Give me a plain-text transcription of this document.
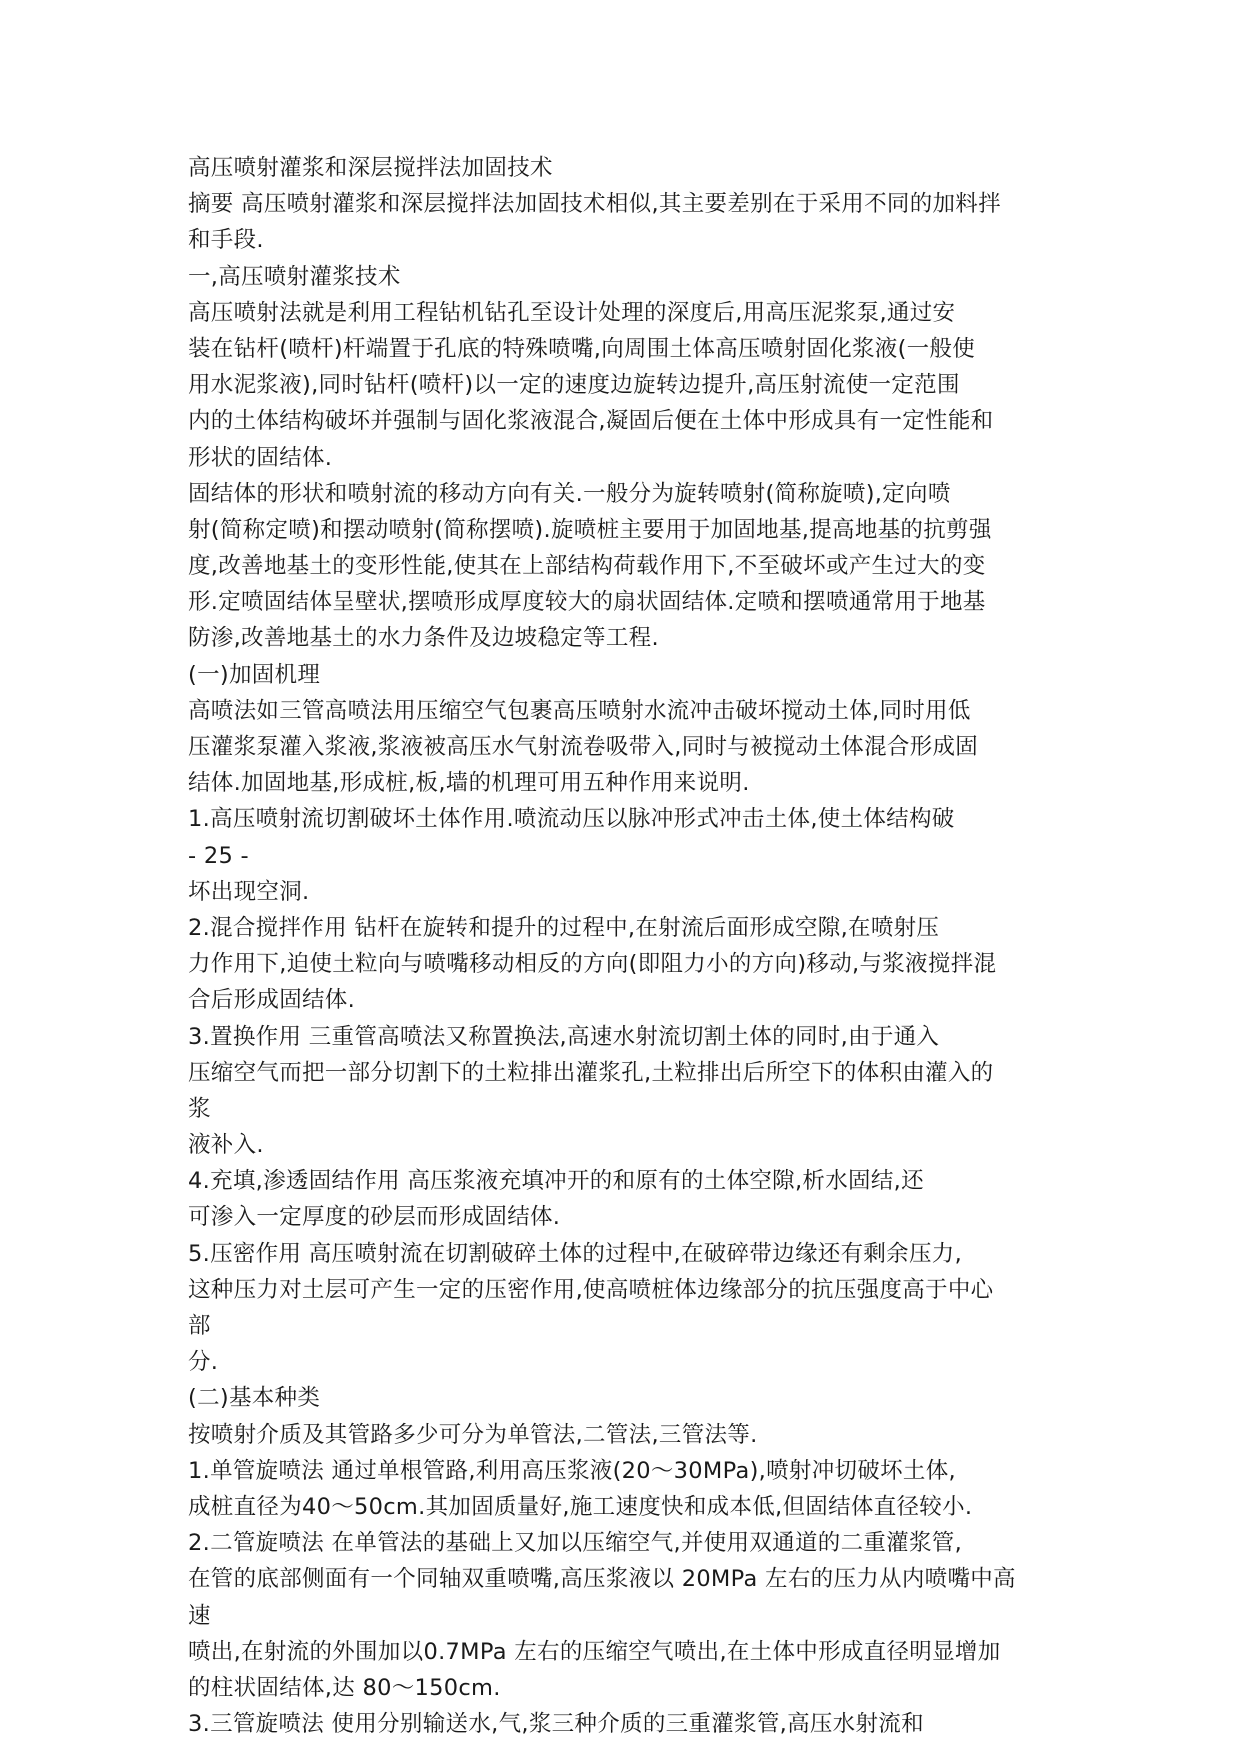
高压喷射灌浆和深层搅拌法加固技术
摘要 高压喷射灌浆和深层搅拌法加固技术相似,其主要差别在于采用不同的加料拌
和手段.
一,高压喷射灌浆技术
高压喷射法就是利用工程钻机钻孔至设计处理的深度后,用高压泥浆泵,通过安
装在钻杆(喷杆)杆端置于孔底的特殊喷嘴,向周围土体高压喷射固化浆液(一般使
用水泥浆液),同时钻杆(喷杆)以一定的速度边旋转边提升,高压射流使一定范围
内的土体结构破坏并强制与固化浆液混合,凝固后便在土体中形成具有一定性能和
形状的固结体.
固结体的形状和喷射流的移动方向有关.一般分为旋转喷射(简称旋喷),定向喷
射(简称定喷)和摆动喷射(简称摆喷).旋喷桩主要用于加固地基,提高地基的抗剪强
度,改善地基土的变形性能,使其在上部结构荷载作用下,不至破坏或产生过大的变
形.定喷固结体呈壁状,摆喷形成厚度较大的扇状固结体.定喷和摆喷通常用于地基
防渗,改善地基土的水力条件及边坡稳定等工程.
(一)加固机理
高喷法如三管高喷法用压缩空气包裹高压喷射水流冲击破坏搅动土体,同时用低
压灌浆泵灌入浆液,浆液被高压水气射流卷吸带入,同时与被搅动土体混合形成固
结体.加固地基,形成桩,板,墙的机理可用五种作用来说明.
1.高压喷射流切割破坏土体作用.喷流动压以脉冲形式冲击土体,使土体结构破
- 25 -
坏出现空洞.
2.混合搅拌作用 钻杆在旋转和提升的过程中,在射流后面形成空隙,在喷射压
力作用下,迫使土粒向与喷嘴移动相反的方向(即阻力小的方向)移动,与浆液搅拌混
合后形成固结体.
3.置换作用 三重管高喷法又称置换法,高速水射流切割土体的同时,由于通入
压缩空气而把一部分切割下的土粒排出灌浆孔,土粒排出后所空下的体积由灌入的
浆
液补入.
4.充填,渗透固结作用 高压浆液充填冲开的和原有的土体空隙,析水固结,还
可渗入一定厚度的砂层而形成固结体.
5.压密作用 高压喷射流在切割破碎土体的过程中,在破碎带边缘还有剩余压力,
这种压力对土层可产生一定的压密作用,使高喷桩体边缘部分的抗压强度高于中心
部
分.
(二)基本种类
按喷射介质及其管路多少可分为单管法,二管法,三管法等.
1.单管旋喷法 通过单根管路,利用高压浆液(20～30MPa),喷射冲切破坏土体,
成桩直径为40～50cm.其加固质量好,施工速度快和成本低,但固结体直径较小.
2.二管旋喷法 在单管法的基础上又加以压缩空气,并使用双通道的二重灌浆管,
在管的底部侧面有一个同轴双重喷嘴,高压浆液以 20MPa 左右的压力从内喷嘴中高
速
喷出,在射流的外围加以0.7MPa 左右的压缩空气喷出,在土体中形成直径明显增加
的柱状固结体,达 80～150cm.
3.三管旋喷法 使用分别输送水,气,浆三种介质的三重灌浆管,高压水射流和
